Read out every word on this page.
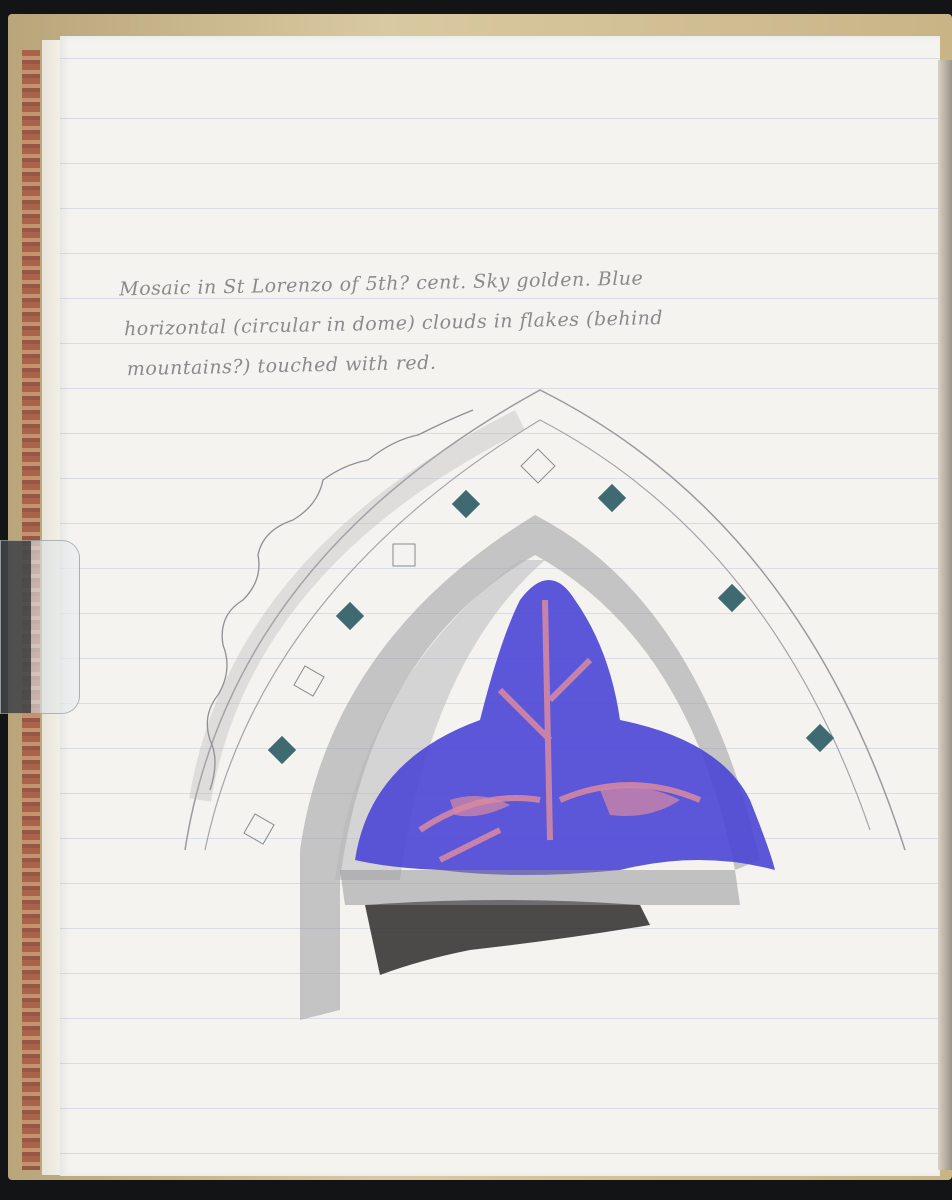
Mosaic in St Lorenzo of 5th? cent. Sky golden. Blue
horizontal (circular in dome) clouds in flakes (behind
mountains?) touched with red.
